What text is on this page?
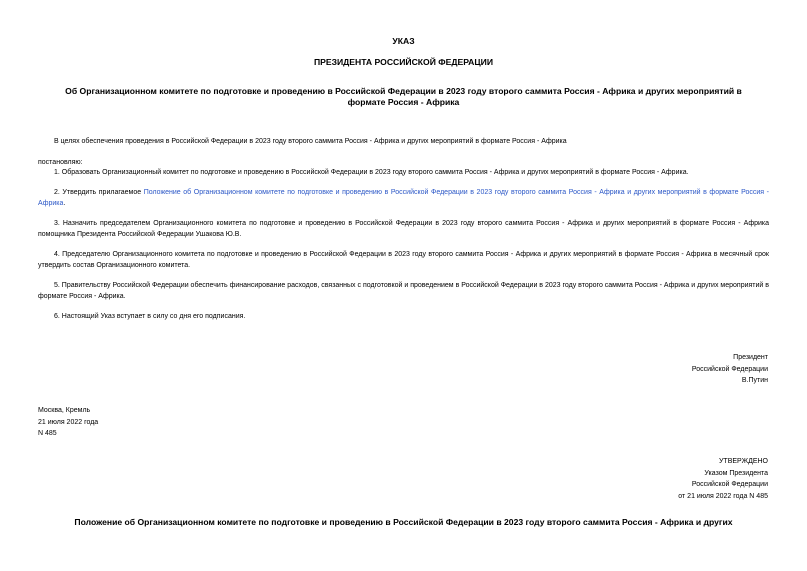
УКАЗ
ПРЕЗИДЕНТА РОССИЙСКОЙ ФЕДЕРАЦИИ
Об Организационном комитете по подготовке и проведению в Российской Федерации в 2023 году второго саммита Россия - Африка и других мероприятий в формате Россия - Африка
В целях обеспечения проведения в Российской Федерации в 2023 году второго саммита Россия - Африка и других мероприятий в формате Россия - Африка
постановляю:
1. Образовать Организационный комитет по подготовке и проведению в Российской Федерации в 2023 году второго саммита Россия - Африка и других мероприятий в формате Россия - Африка.
2. Утвердить прилагаемое Положение об Организационном комитете по подготовке и проведению в Российской Федерации в 2023 году второго саммита Россия - Африка и других мероприятий в формате Россия - Африка.
3. Назначить председателем Организационного комитета по подготовке и проведению в Российской Федерации в 2023 году второго саммита Россия - Африка и других мероприятий в формате Россия - Африка помощника Президента Российской Федерации Ушакова Ю.В.
4. Председателю Организационного комитета по подготовке и проведению в Российской Федерации в 2023 году второго саммита Россия - Африка и других мероприятий в формате Россия - Африка в месячный срок утвердить состав Организационного комитета.
5. Правительству Российской Федерации обеспечить финансирование расходов, связанных с подготовкой и проведением в Российской Федерации в 2023 году второго саммита Россия - Африка и других мероприятий в формате Россия - Африка.
6. Настоящий Указ вступает в силу со дня его подписания.
Президент
Российской Федерации
В.Путин
Москва, Кремль
21 июля 2022 года
N 485
УТВЕРЖДЕНО
Указом Президента
Российской Федерации
от 21 июля 2022 года N 485
Положение об Организационном комитете по подготовке и проведению в Российской Федерации в 2023 году второго саммита Россия - Африка и других
